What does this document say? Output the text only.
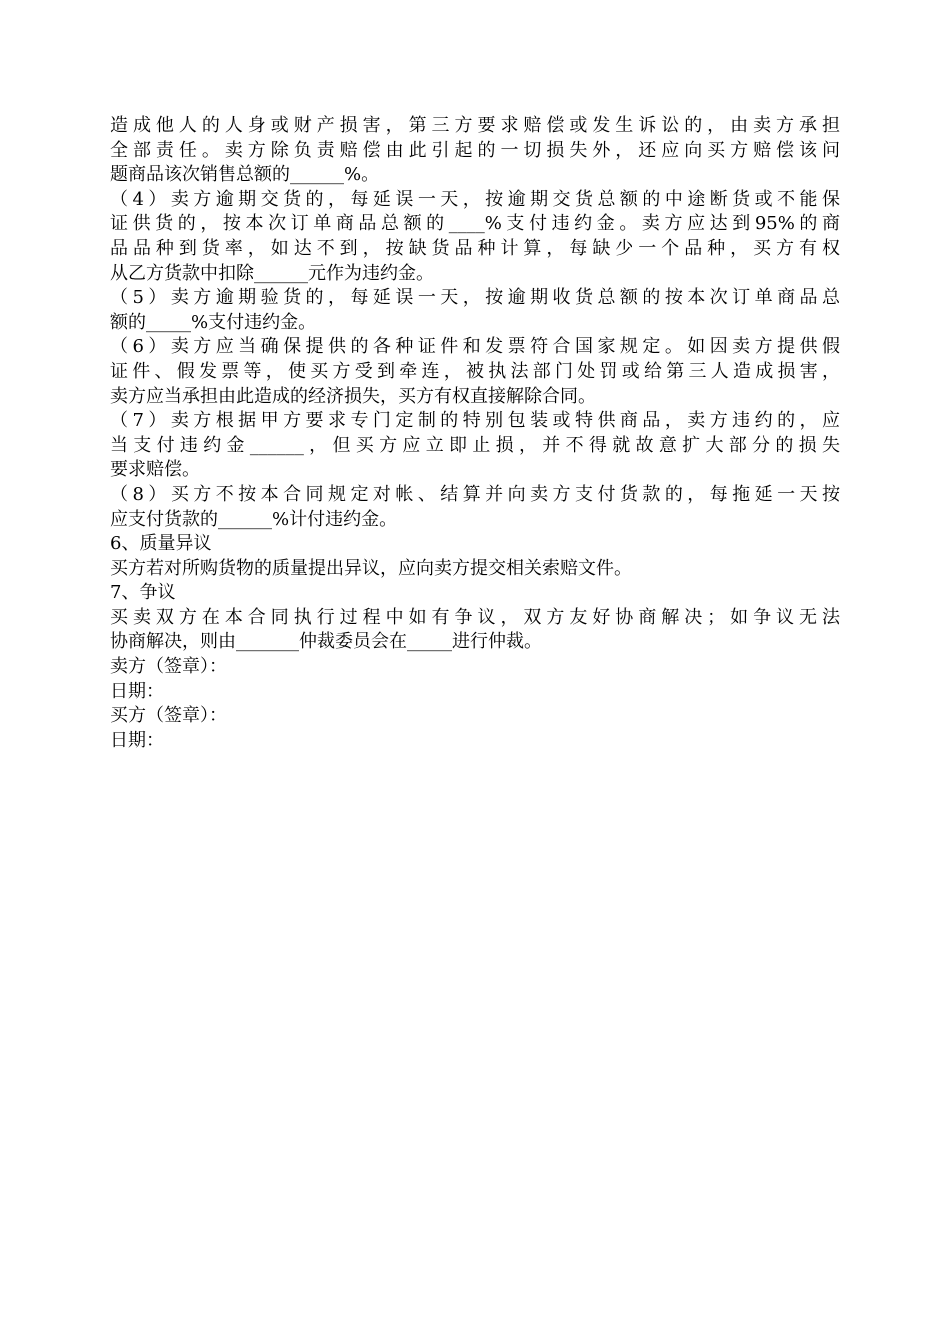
造成他人的人身或财产损害，第三方要求赔偿或发生诉讼的，由卖方承担
全部责任。卖方除负责赔偿由此引起的一切损失外，还应向买方赔偿该问
题商品该次销售总额的______%。
（4）卖方逾期交货的，每延误一天，按逾期交货总额的中途断货或不能保
证供货的，按本次订单商品总额的____%支付违约金。卖方应达到95%的商
品品种到货率，如达不到，按缺货品种计算，每缺少一个品种，买方有权
从乙方货款中扣除______元作为违约金。
（5）卖方逾期验货的，每延误一天，按逾期收货总额的按本次订单商品总
额的_____%支付违约金。
（6）卖方应当确保提供的各种证件和发票符合国家规定。如因卖方提供假
证件、假发票等，使买方受到牵连，被执法部门处罚或给第三人造成损害，
卖方应当承担由此造成的经济损失，买方有权直接解除合同。
（7）卖方根据甲方要求专门定制的特别包装或特供商品，卖方违约的，应
当支付违约金______，但买方应立即止损，并不得就故意扩大部分的损失
要求赔偿。
（8）买方不按本合同规定对帐、结算并向卖方支付货款的，每拖延一天按
应支付货款的______%计付违约金。
6、质量异议
买方若对所购货物的质量提出异议，应向卖方提交相关索赔文件。
7、争议
买卖双方在本合同执行过程中如有争议，双方友好协商解决；如争议无法
协商解决，则由_______仲裁委员会在_____进行仲裁。
卖方（签章）：
日期：
买方（签章）：
日期：
